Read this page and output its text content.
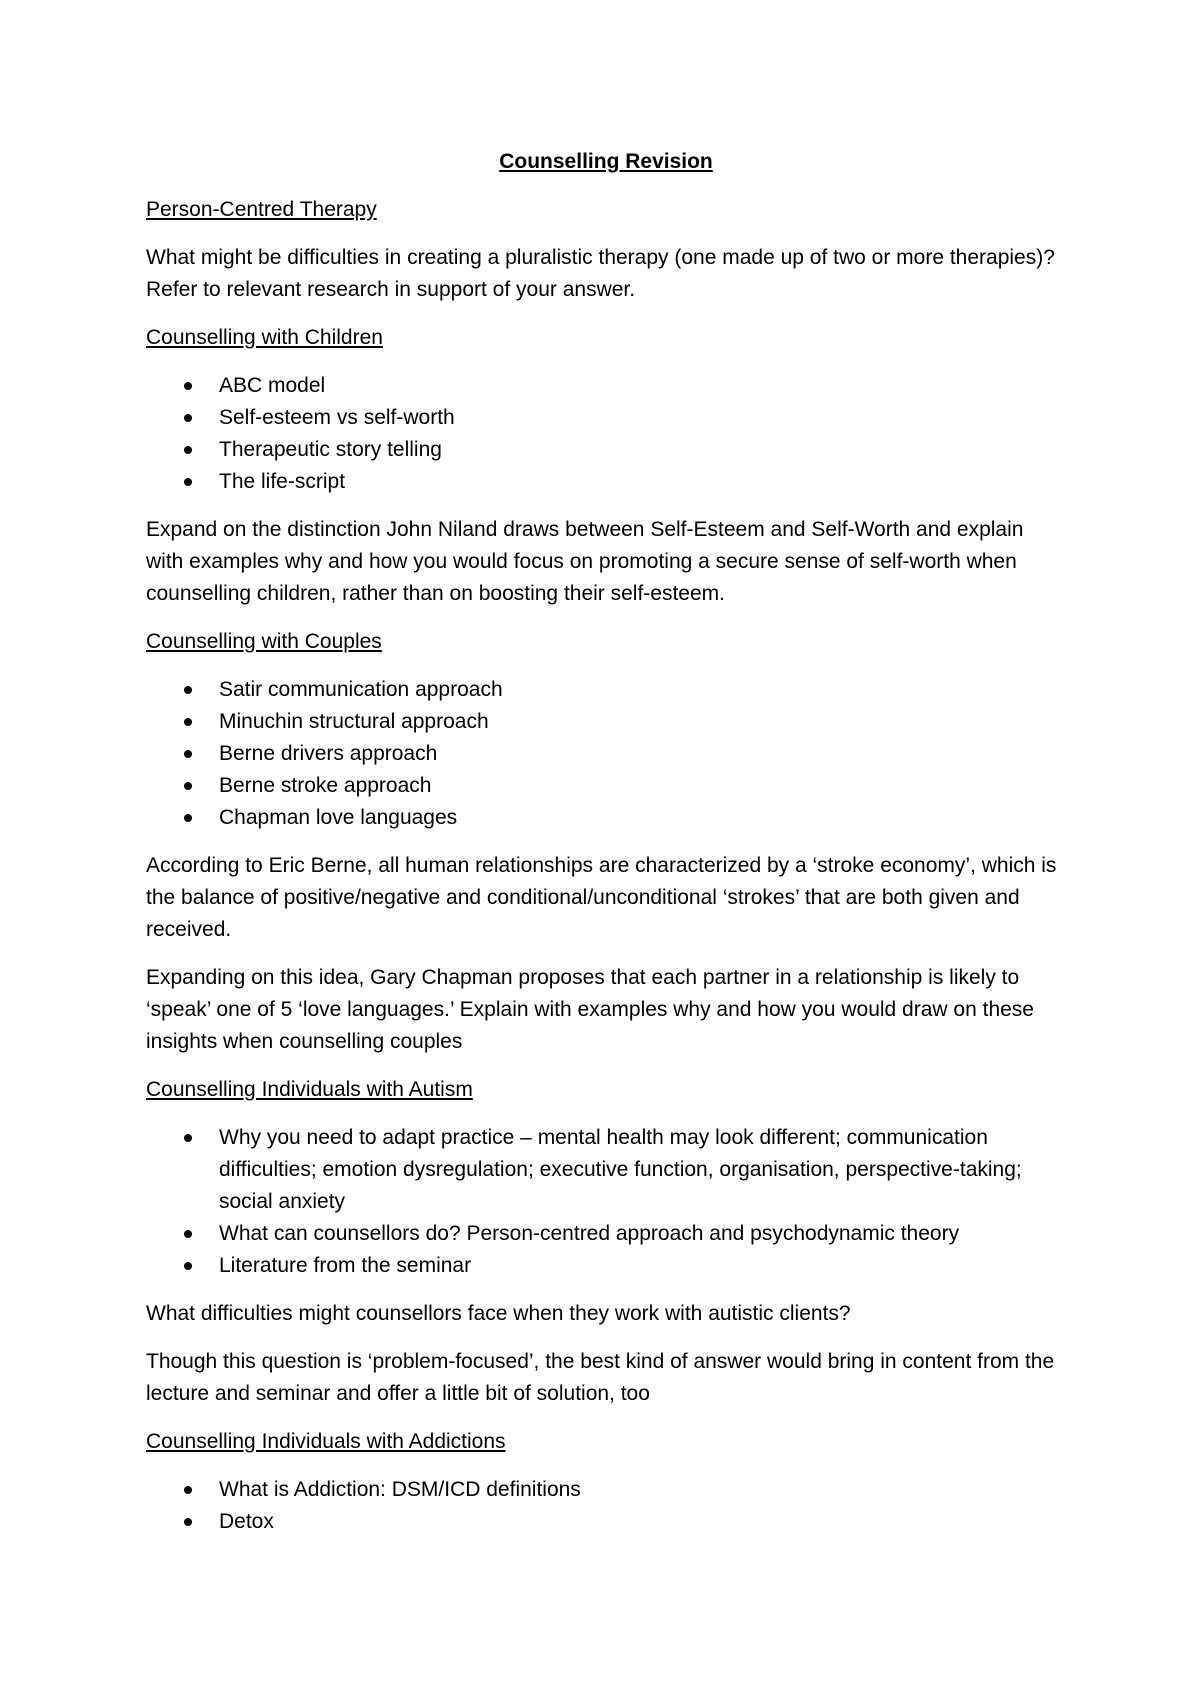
Counselling Revision
Person-Centred Therapy

What might be difficulties in creating a pluralistic therapy (one made up of two or more therapies)? Refer to relevant research in support of your answer.

Counselling with Children
ABC model
Self-esteem vs self-worth
Therapeutic story telling
The life-script

Expand on the distinction John Niland draws between Self-Esteem and Self-Worth and explain with examples why and how you would focus on promoting a secure sense of self-worth when counselling children, rather than on boosting their self-esteem.

Counselling with Couples
Satir communication approach
Minuchin structural approach
Berne drivers approach
Berne stroke approach
Chapman love languages

According to Eric Berne, all human relationships are characterized by a ‘stroke economy’, which is the balance of positive/negative and conditional/unconditional ‘strokes’ that are both given and received.

Expanding on this idea, Gary Chapman proposes that each partner in a relationship is likely to ‘speak’ one of 5 ‘love languages.’ Explain with examples why and how you would draw on these insights when counselling couples

Counselling Individuals with Autism
Why you need to adapt practice – mental health may look different; communication difficulties; emotion dysregulation; executive function, organisation, perspective-taking; social anxiety
What can counsellors do? Person-centred approach and psychodynamic theory
Literature from the seminar

What difficulties might counsellors face when they work with autistic clients?

Though this question is ‘problem-focused’, the best kind of answer would bring in content from the lecture and seminar and offer a little bit of solution, too

Counselling Individuals with Addictions
What is Addiction: DSM/ICD definitions
Detox
